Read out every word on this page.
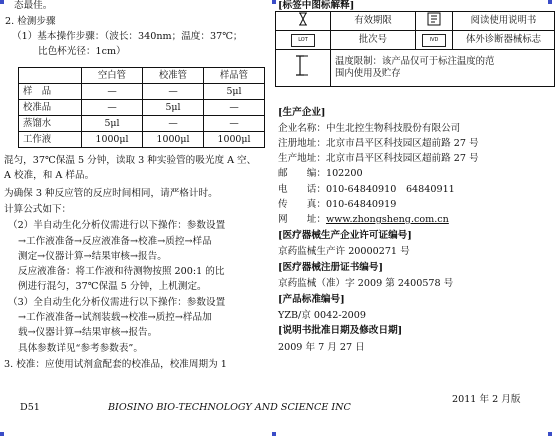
态最佳。
2. 检测步骤
（1）基本操作步骤：（波长：340nm；温度：37℃；
比色杯光径：1cm）
	空白管	校准管	样品管
样　品	—	—	5μl
校准品	—	5μl	—
蒸馏水	5μl	—	—
工作液	1000μl	1000μl	1000μl
混匀，37℃保温 5 分钟，读取 3 种实验管的吸光度 A 空、
A 校准，和 A 样品。
为确保 3 种反应管的反应时间相同，请严格计时。
计算公式如下：
（2）半自动生化分析仪需进行以下操作：参数设置
→工作液准备→反应液准备→校准→质控→样品
测定→仪器计算→结果审核→报告。
反应液准备：将工作液和待测物按照 200:1 的比
例进行混匀，37℃保温 5 分钟，上机测定。
（3）全自动生化分析仪需进行以下操作：参数设置
→工作液准备→试剂装载→校准→质控→样品加
载→仪器计算→结果审核→报告。
具体参数详见“参考参数表”。
3. 校准：应使用试剂盒配套的校准品，校准周期为 1
[标签中图标解释]
	有效期限		阅读使用说明书
LOT	批次号	IVD	体外诊断器械标志

温度限制：该产品仅可于标注温度的范
围内使用及贮存		
[生产企业]
企业名称：中生北控生物科技股份有限公司
注册地址：北京市昌平区科技园区超前路 27 号
生产地址：北京市昌平区科技园区超前路 27 号
邮　　编：102200
电　　话：010-64840910　64840911
传　　真：010-64840919
网　　址：www.zhongsheng.com.cn
[医疗器械生产企业许可证编号]
京药监械生产许 20000271 号
[医疗器械注册证书编号]
京药监械（准）字 2009 第 2400578 号
[产品标准编号]
YZB/京 0042-2009
[说明书批准日期及修改日期]
2009 年 7 月 27 日
D51	BIOSINO BIO-TECHNOLOGY AND SCIENCE INC
2011 年 2 月版
